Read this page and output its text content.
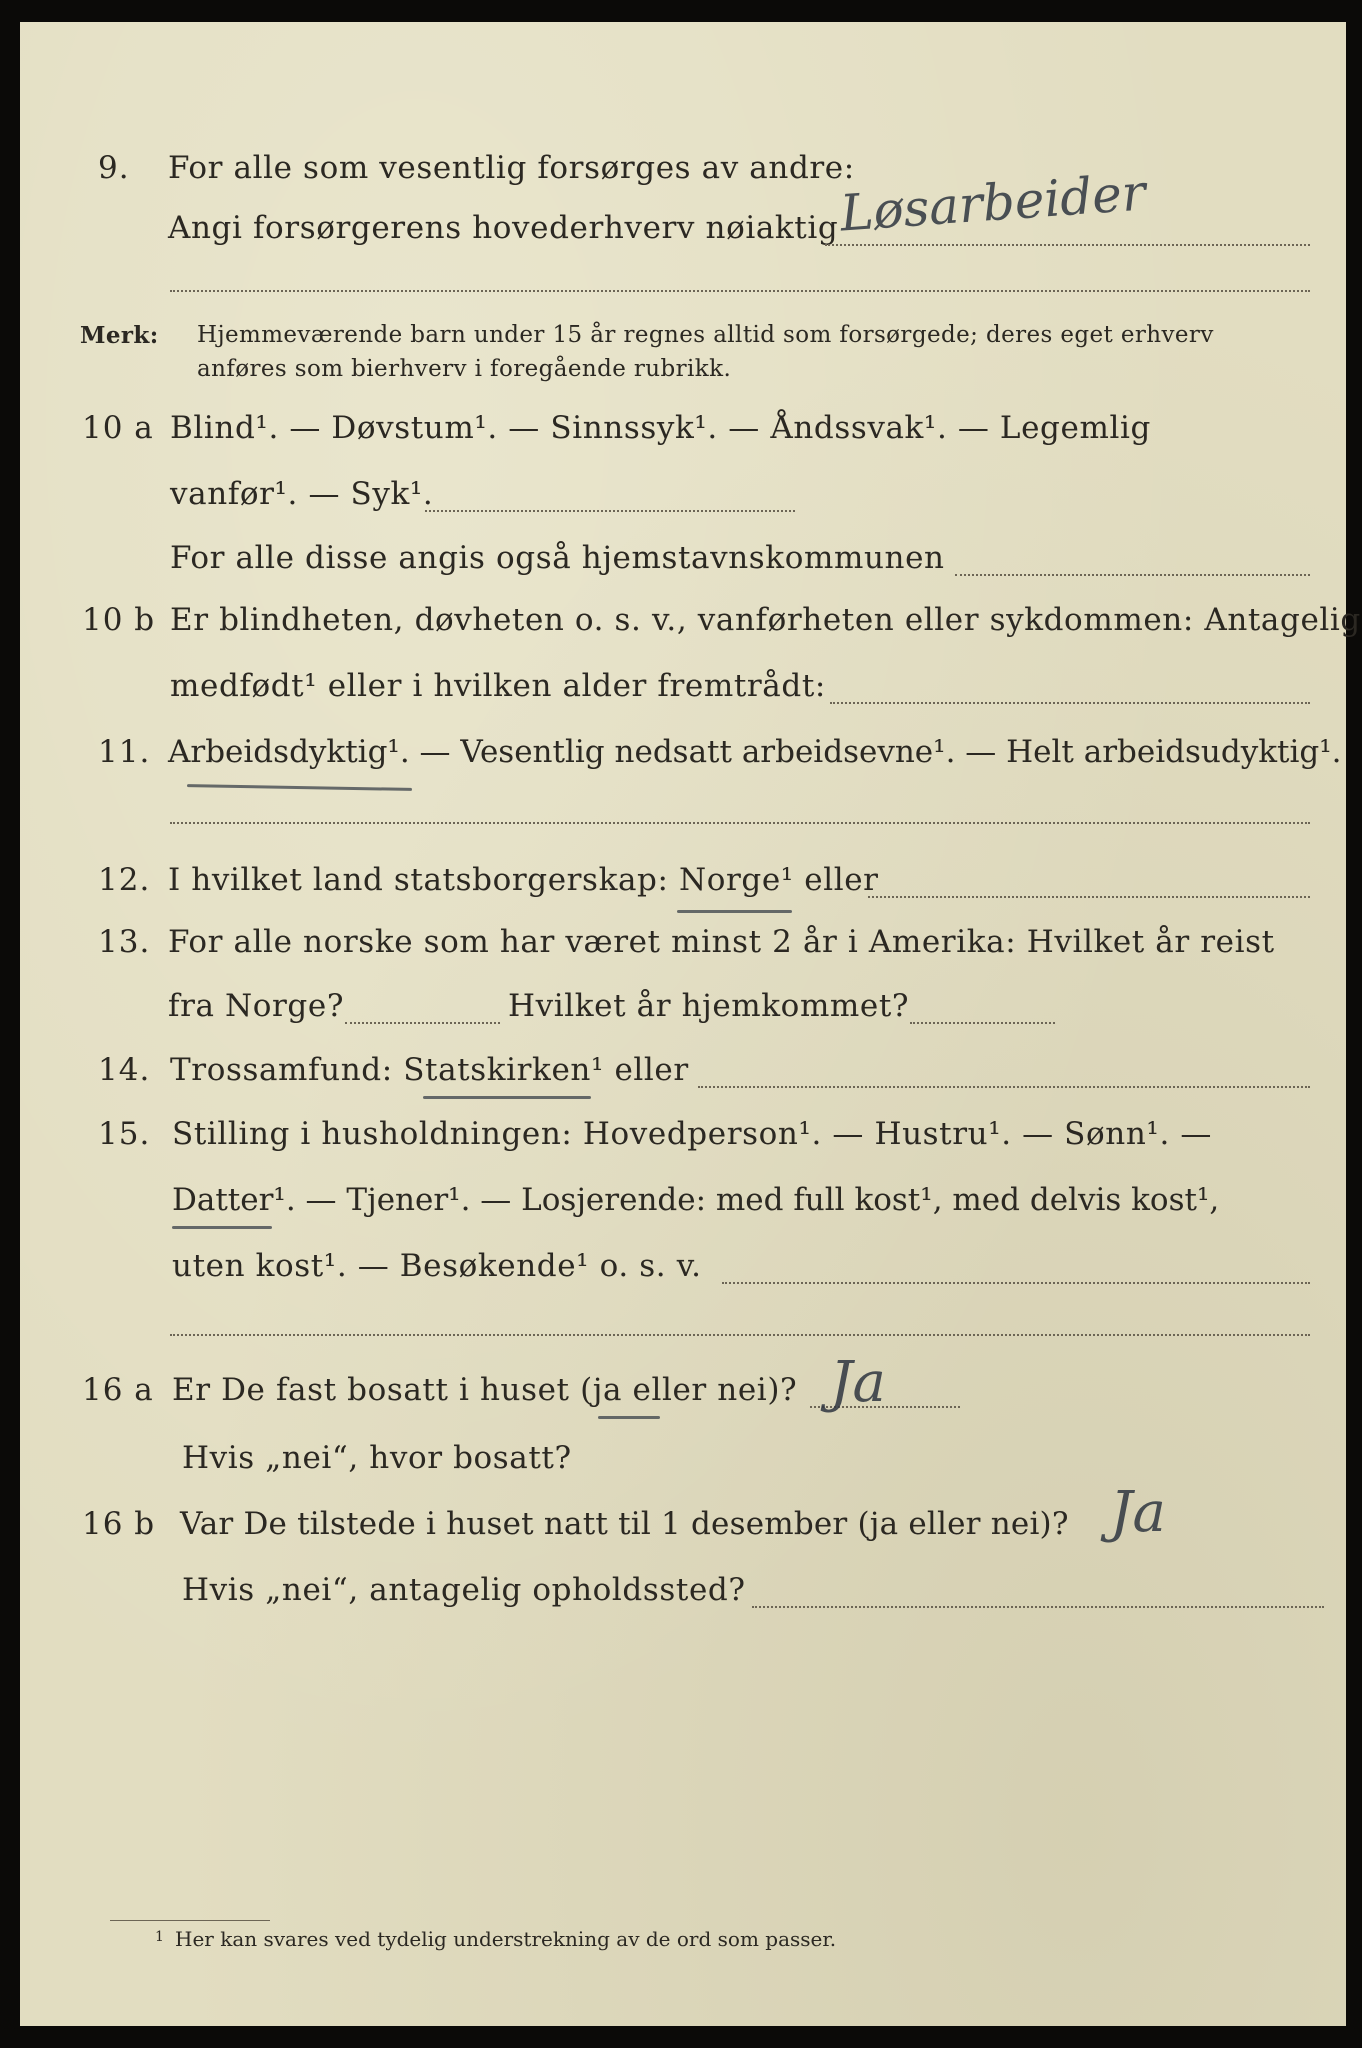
9. For alle som vesentlig forsørges av andre:
Angi forsørgerens hovederhverv nøiaktig Løsarbeider
Merk: Hjemmeværende barn under 15 år regnes alltid som forsørgede; deres eget erhverv
anføres som bierhverv i foregående rubrikk.
10 a Blind¹. — Døvstum¹. — Sinnssyk¹. — Åndssvak¹. — Legemlig
vanfør¹. — Syk¹.
For alle disse angis også hjemstavnskommunen
10 b Er blindheten, døvheten o. s. v., vanførheten eller sykdommen: Antagelig
medfødt¹ eller i hvilken alder fremtrådt:
11. Arbeidsdyktig¹. — Vesentlig nedsatt arbeidsevne¹. — Helt arbeidsudyktig¹.
12. I hvilket land statsborgerskap: Norge¹ eller
13. For alle norske som har været minst 2 år i Amerika: Hvilket år reist
fra Norge?	Hvilket år hjemkommet?
14. Trossamfund: Statskirken¹ eller
15. Stilling i husholdningen: Hovedperson¹. — Hustru¹. — Sønn¹. —
Datter¹. — Tjener¹. — Losjerende: med full kost¹, med delvis kost¹,
uten kost¹. — Besøkende¹ o. s. v.
16 a Er De fast bosatt i huset (ja eller nei)? Ja
Hvis „nei“, hvor bosatt?
16 b Var De tilstede i huset natt til 1 desember (ja eller nei)? Ja
Hvis „nei“, antagelig opholdssted?
1 Her kan svares ved tydelig understrekning av de ord som passer.
